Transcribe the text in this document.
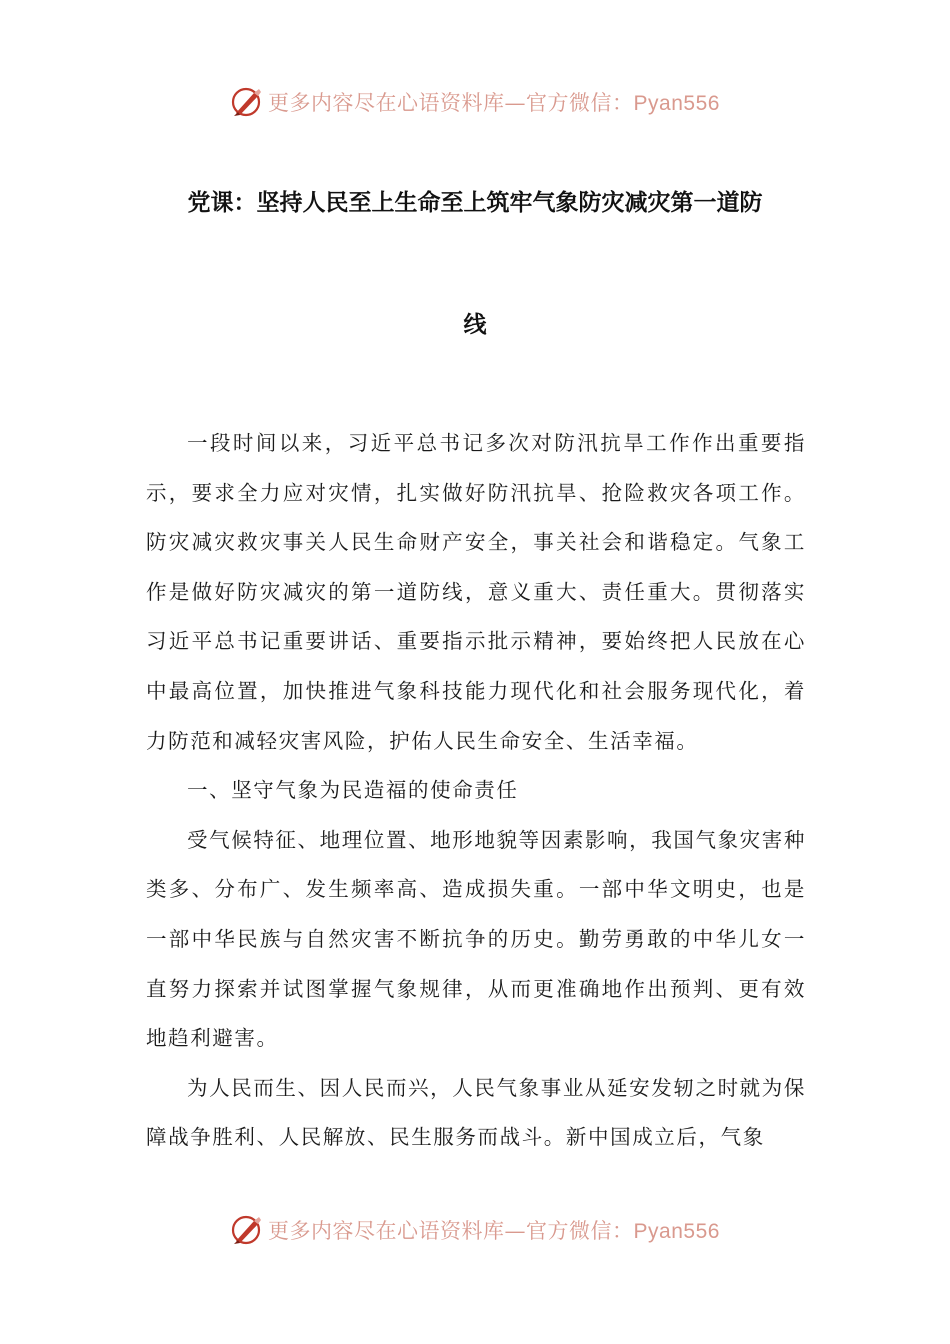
更多内容尽在心语资料库—官方微信：Pyan556
党课：坚持人民至上生命至上筑牢气象防灾减灾第一道防
线

一段时间以来，习近平总书记多次对防汛抗旱工作作出重要指示，要求全力应对灾情，扎实做好防汛抗旱、抢险救灾各项工作。防灾减灾救灾事关人民生命财产安全，事关社会和谐稳定。气象工作是做好防灾减灾的第一道防线，意义重大、责任重大。贯彻落实习近平总书记重要讲话、重要指示批示精神，要始终把人民放在心中最高位置，加快推进气象科技能力现代化和社会服务现代化，着力防范和减轻灾害风险，护佑人民生命安全、生活幸福。

一、坚守气象为民造福的使命责任

受气候特征、地理位置、地形地貌等因素影响，我国气象灾害种类多、分布广、发生频率高、造成损失重。一部中华文明史，也是一部中华民族与自然灾害不断抗争的历史。勤劳勇敢的中华儿女一直努力探索并试图掌握气象规律，从而更准确地作出预判、更有效地趋利避害。

为人民而生、因人民而兴，人民气象事业从延安发轫之时就为保障战争胜利、人民解放、民生服务而战斗。新中国成立后，气象

更多内容尽在心语资料库—官方微信：Pyan556
